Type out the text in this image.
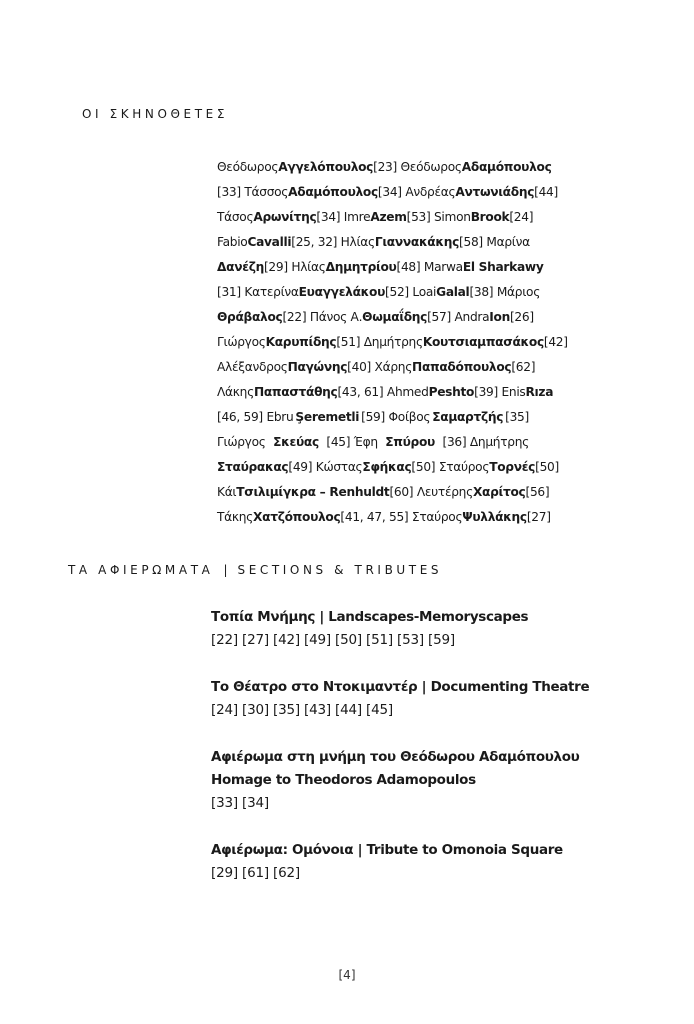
ΟΙ ΣΚΗΝΟΘΕΤΕΣ
Θεόδωρος Αγγελόπουλος [23] Θεόδωρος Αδαμόπουλος
[33] Τάσσος Αδαμόπουλος [34] Ανδρέας Αντωνιάδης [44]
Τάσος Αρωνίτης [34] Imre Azem [53] Simon Brook [24]
Fabio Cavalli [25, 32] Ηλίας Γιαννακάκης [58] Μαρίνα
Δανέζη [29] Ηλίας Δημητρίου [48] Marwa El Sharkawy
[31] Κατερίνα Ευαγγελάκου [52] Loai Galal [38] Μάριος
Θράβαλος [22] Πάνος Α. Θωμαΐδης [57] Andra Ion [26]
Γιώργος Καρυπίδης [51] Δημήτρης Κουτσιαμπασάκος [42]
Αλέξανδρος Παγώνης [40] Χάρης Παπαδόπουλος [62]
Λάκης Παπαστάθης [43, 61] Ahmed Peshto [39] Enis Rıza
[46, 59] Ebru Şeremetli [59] Φοίβος Σαμαρτζής [35]
Γιώργος Σκεύας [45] Έφη Σπύρου [36] Δημήτρης
Σταύρακας [49] Κώστας Σφήκας [50] Σταύρος Τορνές [50]
Κάι Τσιλιμίγκρα – Renhuldt [60] Λευτέρης Χαρίτος [56]
Τάκης Χατζόπουλος [41, 47, 55] Σταύρος Ψυλλάκης [27]
ΤΑ ΑΦΙΕΡΩΜΑΤΑ | SECTIONS & TRIBUTES
Τοπία Μνήμης | Landscapes-Memoryscapes
[22] [27] [42] [49] [50] [51] [53] [59]
Το Θέατρο στο Ντοκιμαντέρ | Documenting Theatre
[24] [30] [35] [43] [44] [45]
Αφιέρωμα στη μνήμη του Θεόδωρου Αδαμόπουλου
Homage to Theodoros Adamopoulos
[33] [34]
Αφιέρωμα: Ομόνοια | Tribute to Omonoia Square
[29] [61] [62]
[4]
